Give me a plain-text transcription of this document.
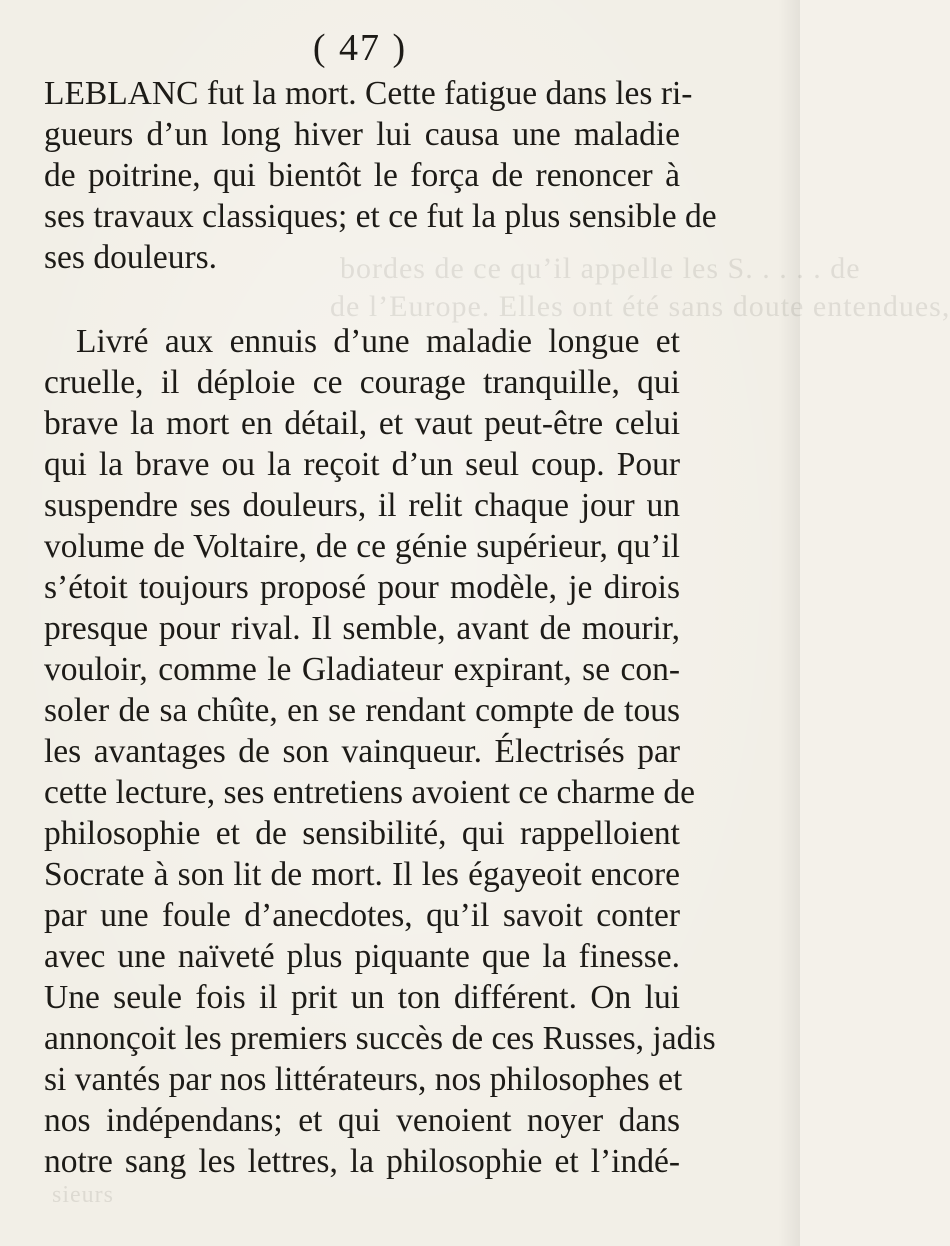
bordes de ce qu’il appelle les S. . . . . de
de l’Europe. Elles ont été sans doute entendues,
sieurs
( 47 )
LEBLANC fut la mort. Cette fatigue dans les ri-
gueurs d’un long hiver lui causa une maladie
de poitrine, qui bientôt le força de renoncer à
ses travaux classiques; et ce fut la plus sensible de
ses douleurs.
Livré aux ennuis d’une maladie longue et
cruelle, il déploie ce courage tranquille, qui
brave la mort en détail, et vaut peut-être celui
qui la brave ou la reçoit d’un seul coup. Pour
suspendre ses douleurs, il relit chaque jour un
volume de Voltaire, de ce génie supérieur, qu’il
s’étoit toujours proposé pour modèle, je dirois
presque pour rival. Il semble, avant de mourir,
vouloir, comme le Gladiateur expirant, se con-
soler de sa chûte, en se rendant compte de tous
les avantages de son vainqueur. Électrisés par
cette lecture, ses entretiens avoient ce charme de
philosophie et de sensibilité, qui rappelloient
Socrate à son lit de mort. Il les égayeoit encore
par une foule d’anecdotes, qu’il savoit conter
avec une naïveté plus piquante que la finesse.
Une seule fois il prit un ton différent. On lui
annonçoit les premiers succès de ces Russes, jadis
si vantés par nos littérateurs, nos philosophes et
nos indépendans; et qui venoient noyer dans
notre sang les lettres, la philosophie et l’indé-
